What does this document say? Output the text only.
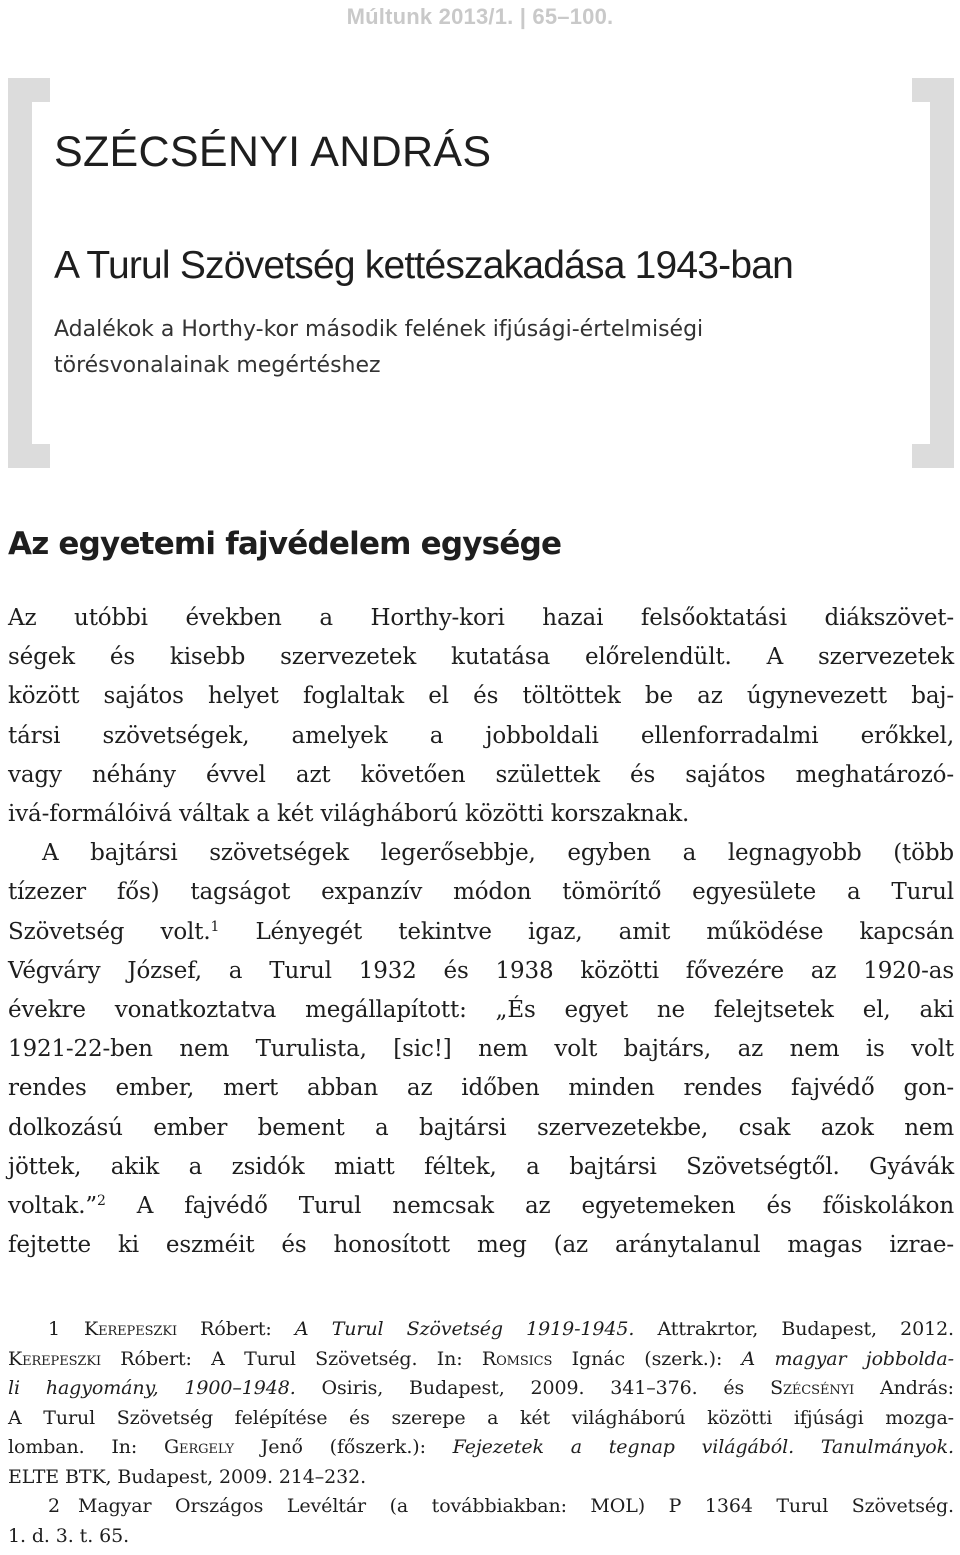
Múltunk 2013/1. | 65–100.
SZÉCSÉNYI ANDRÁS
A Turul Szövetség kettészakadása 1943-ban
Adalékok a Horthy-kor második felének ifjúsági-értelmiségi
törésvonalainak megértéshez
Az egyetemi fajvédelem egysége
Az utóbbi években a Horthy-kori hazai felsőoktatási diákszövet-
ségek és kisebb szervezetek kutatása előrelendült. A szervezetek
között sajátos helyet foglaltak el és töltöttek be az úgynevezett baj-
társi szövetségek, amelyek a jobboldali ellenforradalmi erőkkel,
vagy néhány évvel azt követően születtek és sajátos meghatározó-
ivá-formálóivá váltak a két világháború közötti korszaknak.
A bajtársi szövetségek legerősebbje, egyben a legnagyobb (több
tízezer fős) tagságot expanzív módon tömörítő egyesülete a Turul
Szövetség volt.$^1$ Lényegét tekintve igaz, amit működése kapcsán
Végváry József, a Turul 1932 és 1938 közötti fővezére az 1920-as
évekre vonatkoztatva megállapított: „És egyet ne felejtsetek el, aki
1921-22-ben nem Turulista, [sic!] nem volt bajtárs, az nem is volt
rendes ember, mert abban az időben minden rendes fajvédő gon-
dolkozású ember bement a bajtársi szervezetekbe, csak azok nem
jöttek, akik a zsidók miatt féltek, a bajtársi Szövetségtől. Gyávák
voltak.”$^2$ A fajvédő Turul nemcsak az egyetemeken és főiskolákon
fejtette ki eszméit és honosított meg (az aránytalanul magas izrae-
1 Kerepeszki Róbert: A Turul Szövetség 1919-1945. Attrakrtor, Budapest, 2012.
Kerepeszki Róbert: A Turul Szövetség. In: Romsics Ignác (szerk.): A magyar jobbolda-
li hagyomány, 1900–1948. Osiris, Budapest, 2009. 341–376. és Szécsényi András:
A Turul Szövetség felépítése és szerepe a két világháború közötti ifjúsági mozga-
lomban. In: Gergely Jenő (főszerk.): Fejezetek a tegnap világából. Tanulmányok.
ELTE BTK, Budapest, 2009. 214–232.
2 Magyar Országos Levéltár (a továbbiakban: MOL) P 1364 Turul Szövetség.
1. d. 3. t. 65.
